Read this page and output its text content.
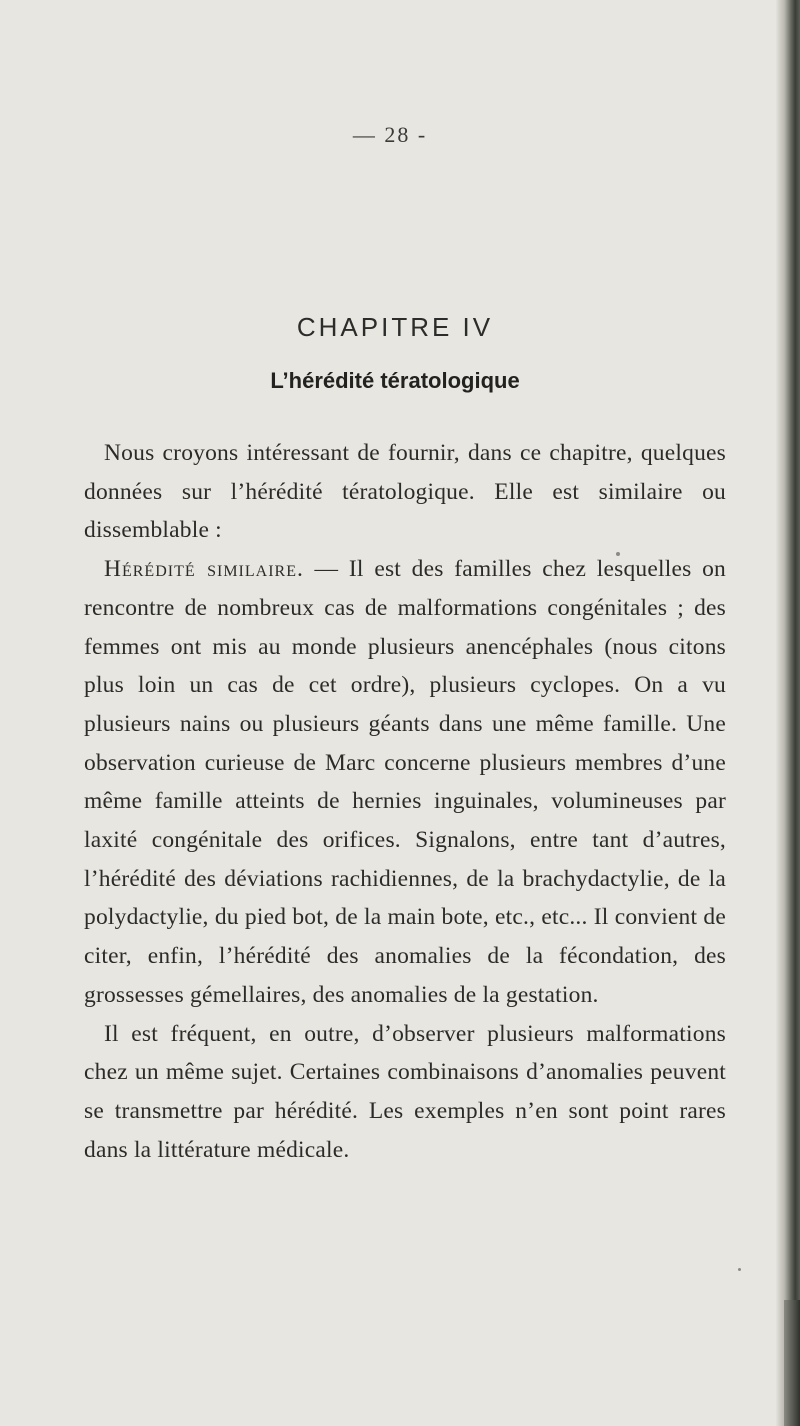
— 28 -
CHAPITRE IV
L’hérédité tératologique

Nous croyons intéressant de fournir, dans ce chapitre, quelques données sur l’hérédité tératologique. Elle est similaire ou dissemblable :

Hérédité similaire. — Il est des familles chez lesquelles on rencontre de nombreux cas de malformations congénitales ; des femmes ont mis au monde plusieurs anencéphales (nous citons plus loin un cas de cet ordre), plusieurs cyclopes. On a vu plusieurs nains ou plusieurs géants dans une même famille. Une observation curieuse de Marc concerne plusieurs membres d’une même famille atteints de hernies inguinales, volumineuses par laxité congénitale des orifices. Signalons, entre tant d’autres, l’hérédité des déviations rachidiennes, de la brachydactylie, de la polydactylie, du pied bot, de la main bote, etc., etc... Il convient de citer, enfin, l’hérédité des anomalies de la fécondation, des grossesses gémellaires, des anomalies de la gestation.

Il est fréquent, en outre, d’observer plusieurs malformations chez un même sujet. Certaines combinaisons d’anomalies peuvent se transmettre par hérédité. Les exemples n’en sont point rares dans la littérature médicale.
